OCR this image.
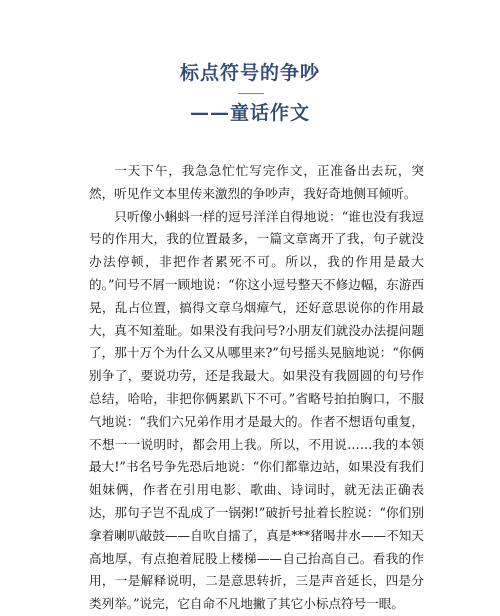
标点符号的争吵
——童话作文

一天下午，我急急忙忙写完作文，正准备出去玩，突然，听见作文本里传来激烈的争吵声，我好奇地侧耳倾听。

只听像小蝌蚪一样的逗号洋洋自得地说：“谁也没有我逗号的作用大，我的位置最多，一篇文章离开了我，句子就没办法停顿，非把作者累死不可。所以，我的作用是最大的。”问号不屑一顾地说：“你这小逗号整天不修边幅，东游西晃，乱占位置，搞得文章乌烟瘴气，还好意思说你的作用最大，真不知羞耻。如果没有我问号?小朋友们就没办法提问题了，那十万个为什么又从哪里来?”句号摇头晃脑地说：“你俩别争了，要说功劳，还是我最大。如果没有我圆圆的句号作总结，哈哈，非把你俩累趴下不可。”省略号拍拍胸口，不服气地说：“我们六兄弟作用才是最大的。作者不想语句重复，不想一一说明时，都会用上我。所以，不用说……我的本领最大!”书名号争先恐后地说：“你们都靠边站，如果没有我们姐妹俩，作者在引用电影、歌曲、诗词时，就无法正确表达，那句子岂不乱成了一锅粥!”破折号扯着长腔说：“你们别拿着喇叭敲鼓——自吹自擂了，真是***猪喝井水——不知天高地厚，有点抱着屁股上楼梯——自己抬高自己。看我的作用，一是解释说明，二是意思转折，三是声音延长，四是分类列举。”说完，它自命不凡地撇了其它小标点符号一眼。
